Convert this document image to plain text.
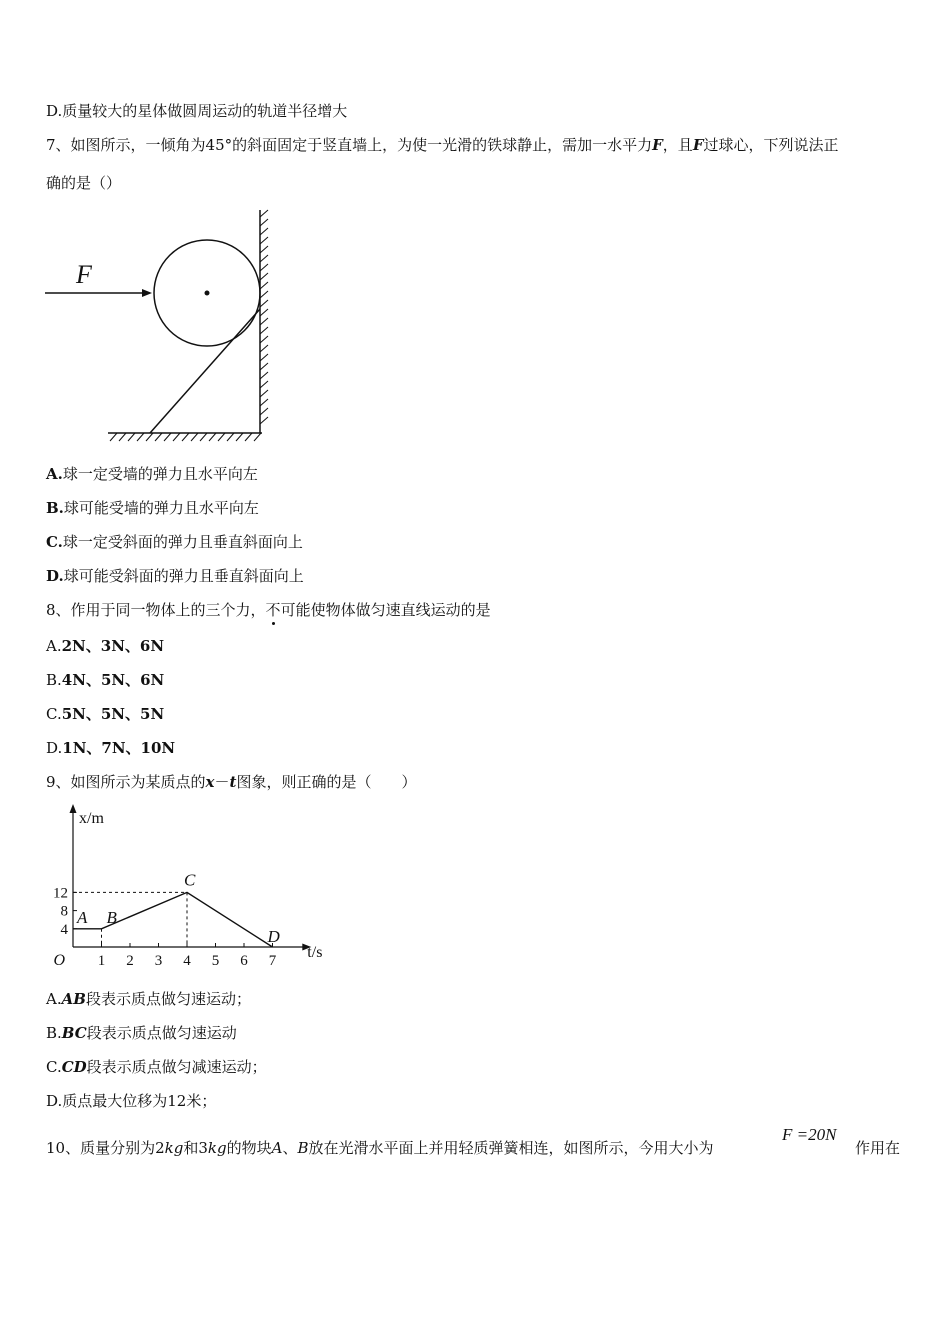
D.质量较大的星体做圆周运动的轨道半径增大
7、如图所示，一倾角为45°的斜面固定于竖直墙上，为使一光滑的铁球静止，需加一水平力F，且F过球心，下列说法正
确的是（）
F
A.球一定受墙的弹力且水平向左
B.球可能受墙的弹力且水平向左
C.球一定受斜面的弹力且垂直斜面向上
D.球可能受斜面的弹力且垂直斜面向上
8、作用于同一物体上的三个力，不可能使物体做匀速直线运动的是
A.2N、3N、6N
B.4N、5N、6N
C.5N、5N、5N
D.1N、7N、10N
9、如图所示为某质点的x－t图象，则正确的是（　　）
1 2 3 4 5 6 7
4
8
12
O	t/s
x/m
A B
C
D
A.AB段表示质点做匀速运动；
B.BC段表示质点做匀速运动
C.CD段表示质点做匀减速运动；
D.质点最大位移为12米；
10、质量分别为2kg和3kg的物块A、B放在光滑水平面上并用轻质弹簧相连，如图所示，今用大小为
F =20N
作用在
